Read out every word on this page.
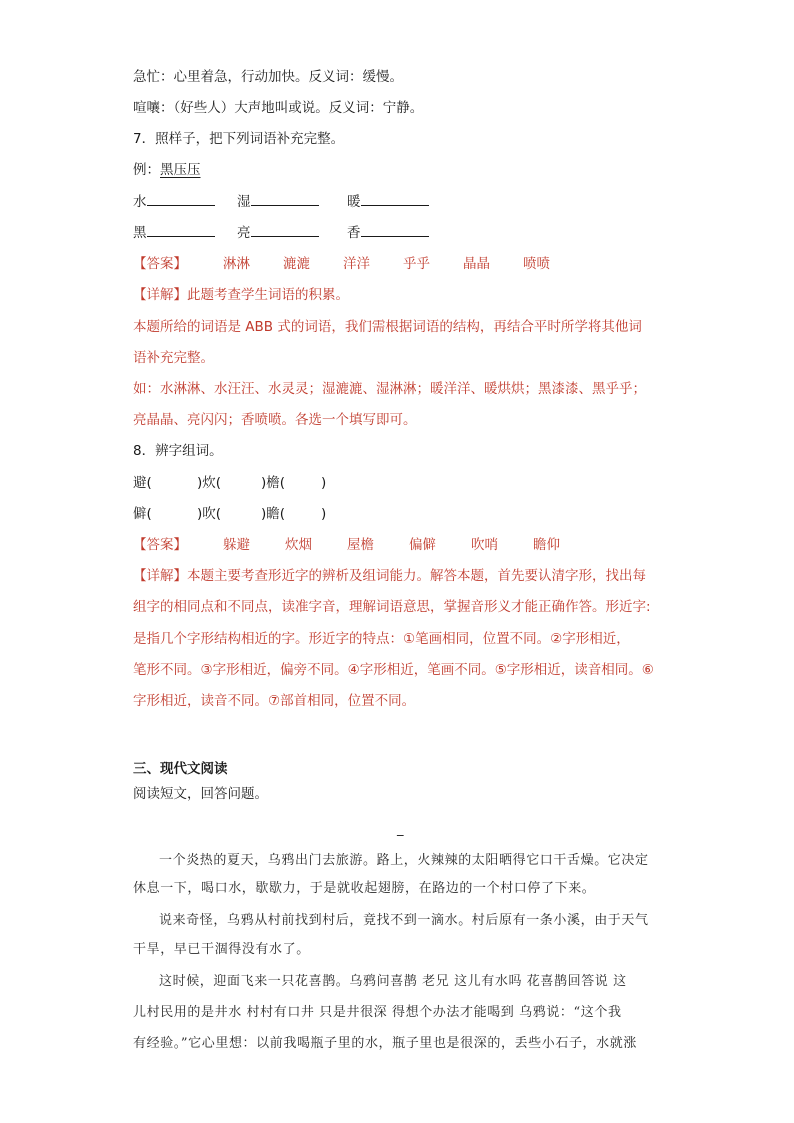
急忙：心里着急，行动加快。反义词：缓慢。
喧嚷：（好些人）大声地叫或说。反义词：宁静。
7．照样子，把下列词语补充完整。
例：黑压压
水	湿	暖
黑	亮	香
【答案】	淋淋 漉漉 洋洋 乎乎 晶晶 喷喷
【详解】此题考查学生词语的积累。
本题所给的词语是 ABB 式的词语，我们需根据词语的结构，再结合平时所学将其他词
语补充完整。
如：水淋淋、水汪汪、水灵灵；湿漉漉、湿淋淋；暖洋洋、暖烘烘；黑漆漆、黑乎乎；
亮晶晶、亮闪闪；香喷喷。各选一个填写即可。
8．辨字组词。
避(	)炊(	)檐(	)
僻(	)吹(	)瞻(	)
【答案】	躲避	炊烟	屋檐	偏僻	吹哨	瞻仰
【详解】本题主要考查形近字的辨析及组词能力。解答本题，首先要认清字形，找出每
组字的相同点和不同点，读准字音，理解词语意思，掌握音形义才能正确作答。形近字:
是指几个字形结构相近的字。形近字的特点：①笔画相同，位置不同。②字形相近，
笔形不同。③字形相近，偏旁不同。④字形相近，笔画不同。⑤字形相近，读音相同。⑥
字形相近，读音不同。⑦部首相同，位置不同。
三、现代文阅读
阅读短文，回答问题。
_
一个炎热的夏天，乌鸦出门去旅游。路上，火辣辣的太阳晒得它口干舌燥。它决定
休息一下，喝口水，歇歇力，于是就收起翅膀，在路边的一个村口停了下来。
说来奇怪，乌鸦从村前找到村后，竟找不到一滴水。村后原有一条小溪，由于天气
干旱，早已干涸得没有水了。
这时候，迎面飞来一只花喜鹊。乌鸦问喜鹊 老兄 这儿有水吗 花喜鹊回答说 这
儿村民用的是井水 村村有口井 只是井很深 得想个办法才能喝到 乌鸦说：“这个我
有经验。”它心里想：以前我喝瓶子里的水，瓶子里也是很深的，丢些小石子，水就涨
